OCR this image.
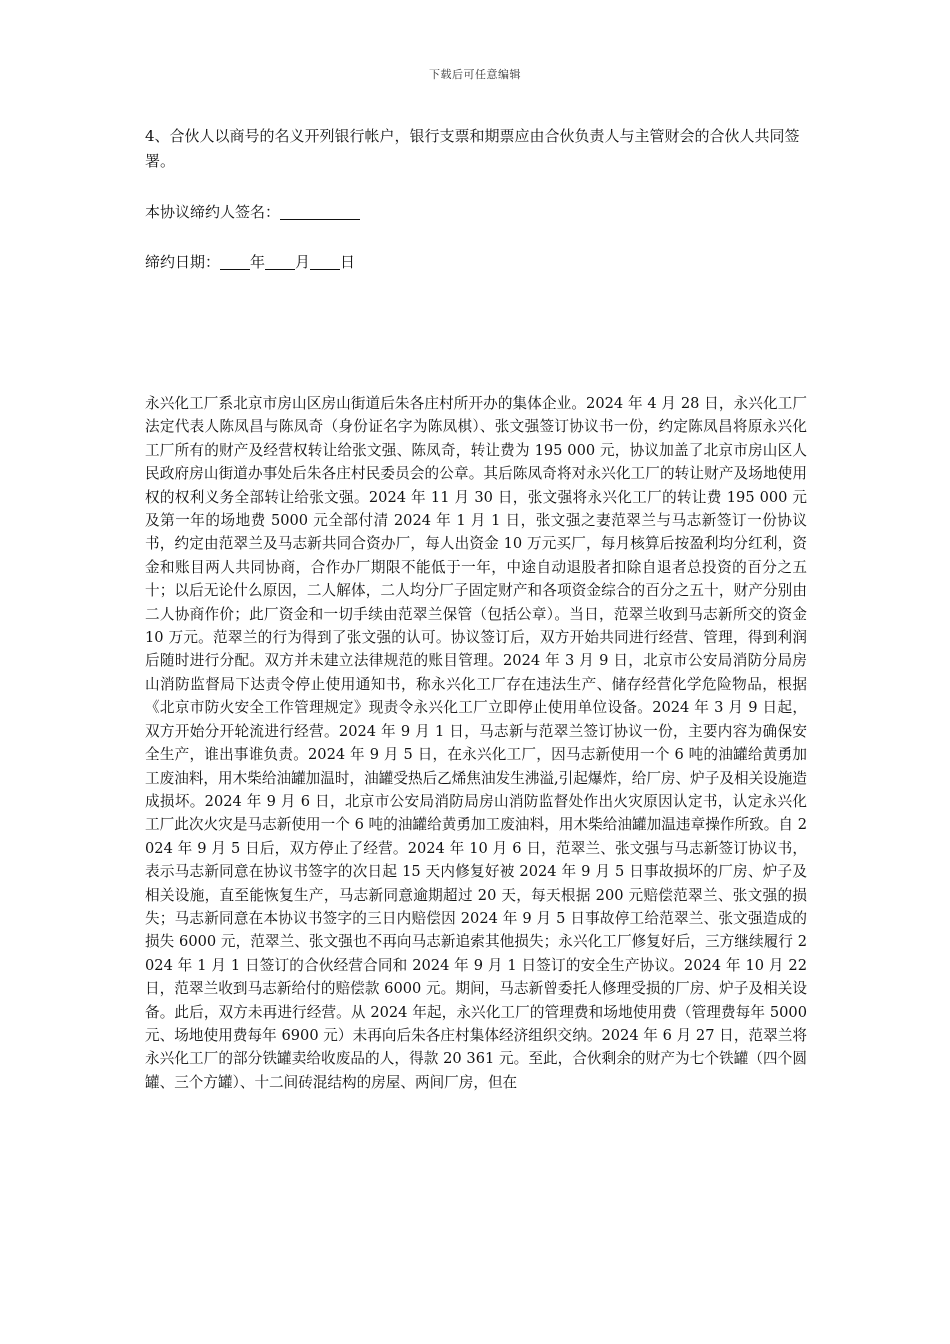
下载后可任意编辑
4、合伙人以商号的名义开列银行帐户，银行支票和期票应由合伙负责人与主管财会的合伙人共同签署。
本协议缔约人签名：
缔约日期： 年 月 日
永兴化工厂系北京市房山区房山街道后朱各庄村所开办的集体企业。2024 年 4 月 28 日，永兴化工厂法定代表人陈凤昌与陈凤奇（身份证名字为陈凤棋）、张文强签订协议书一份，约定陈凤昌将原永兴化工厂所有的财产及经营权转让给张文强、陈凤奇，转让费为 195 000 元，协议加盖了北京市房山区人民政府房山街道办事处后朱各庄村民委员会的公章。其后陈凤奇将对永兴化工厂的转让财产及场地使用权的权利义务全部转让给张文强。2024 年 11 月 30 日，张文强将永兴化工厂的转让费 195 000 元及第一年的场地费 5000 元全部付清 2024 年 1 月 1 日，张文强之妻范翠兰与马志新签订一份协议书，约定由范翠兰及马志新共同合资办厂，每人出资金 10 万元买厂，每月核算后按盈利均分红利，资金和账目两人共同协商，合作办厂期限不能低于一年，中途自动退股者扣除自退者总投资的百分之五十；以后无论什么原因，二人解体，二人均分厂子固定财产和各项资金综合的百分之五十，财产分别由二人协商作价；此厂资金和一切手续由范翠兰保管（包括公章）。当日，范翠兰收到马志新所交的资金 10 万元。范翠兰的行为得到了张文强的认可。协议签订后，双方开始共同进行经营、管理，得到利润后随时进行分配。双方并未建立法律规范的账目管理。2024 年 3 月 9 日，北京市公安局消防分局房山消防监督局下达责令停止使用通知书，称永兴化工厂存在违法生产、储存经营化学危险物品，根据《北京市防火安全工作管理规定》现责令永兴化工厂立即停止使用单位设备。2024 年 3 月 9 日起，双方开始分开轮流进行经营。2024 年 9 月 1 日，马志新与范翠兰签订协议一份，主要内容为确保安全生产，谁出事谁负责。2024 年 9 月 5 日，在永兴化工厂，因马志新使用一个 6 吨的油罐给黄勇加工废油料，用木柴给油罐加温时，油罐受热后乙烯焦油发生沸溢,引起爆炸，给厂房、炉子及相关设施造成损坏。2024 年 9 月 6 日，北京市公安局消防局房山消防监督处作出火灾原因认定书，认定永兴化工厂此次火灾是马志新使用一个 6 吨的油罐给黄勇加工废油料，用木柴给油罐加温违章操作所致。自 2024 年 9 月 5 日后，双方停止了经营。2024 年 10 月 6 日，范翠兰、张文强与马志新签订协议书，表示马志新同意在协议书签字的次日起 15 天内修复好被 2024 年 9 月 5 日事故损坏的厂房、炉子及相关设施，直至能恢复生产，马志新同意逾期超过 20 天，每天根据 200 元赔偿范翠兰、张文强的损失；马志新同意在本协议书签字的三日内赔偿因 2024 年 9 月 5 日事故停工给范翠兰、张文强造成的损失 6000 元，范翠兰、张文强也不再向马志新追索其他损失；永兴化工厂修复好后，三方继续履行 2024 年 1 月 1 日签订的合伙经营合同和 2024 年 9 月 1 日签订的安全生产协议。2024 年 10 月 22 日，范翠兰收到马志新给付的赔偿款 6000 元。期间，马志新曾委托人修理受损的厂房、炉子及相关设备。此后，双方未再进行经营。从 2024 年起，永兴化工厂的管理费和场地使用费（管理费每年 5000 元、场地使用费每年 6900 元）未再向后朱各庄村集体经济组织交纳。2024 年 6 月 27 日，范翠兰将永兴化工厂的部分铁罐卖给收废品的人，得款 20 361 元。至此，合伙剩余的财产为七个铁罐（四个圆罐、三个方罐）、十二间砖混结构的房屋、两间厂房，但在
